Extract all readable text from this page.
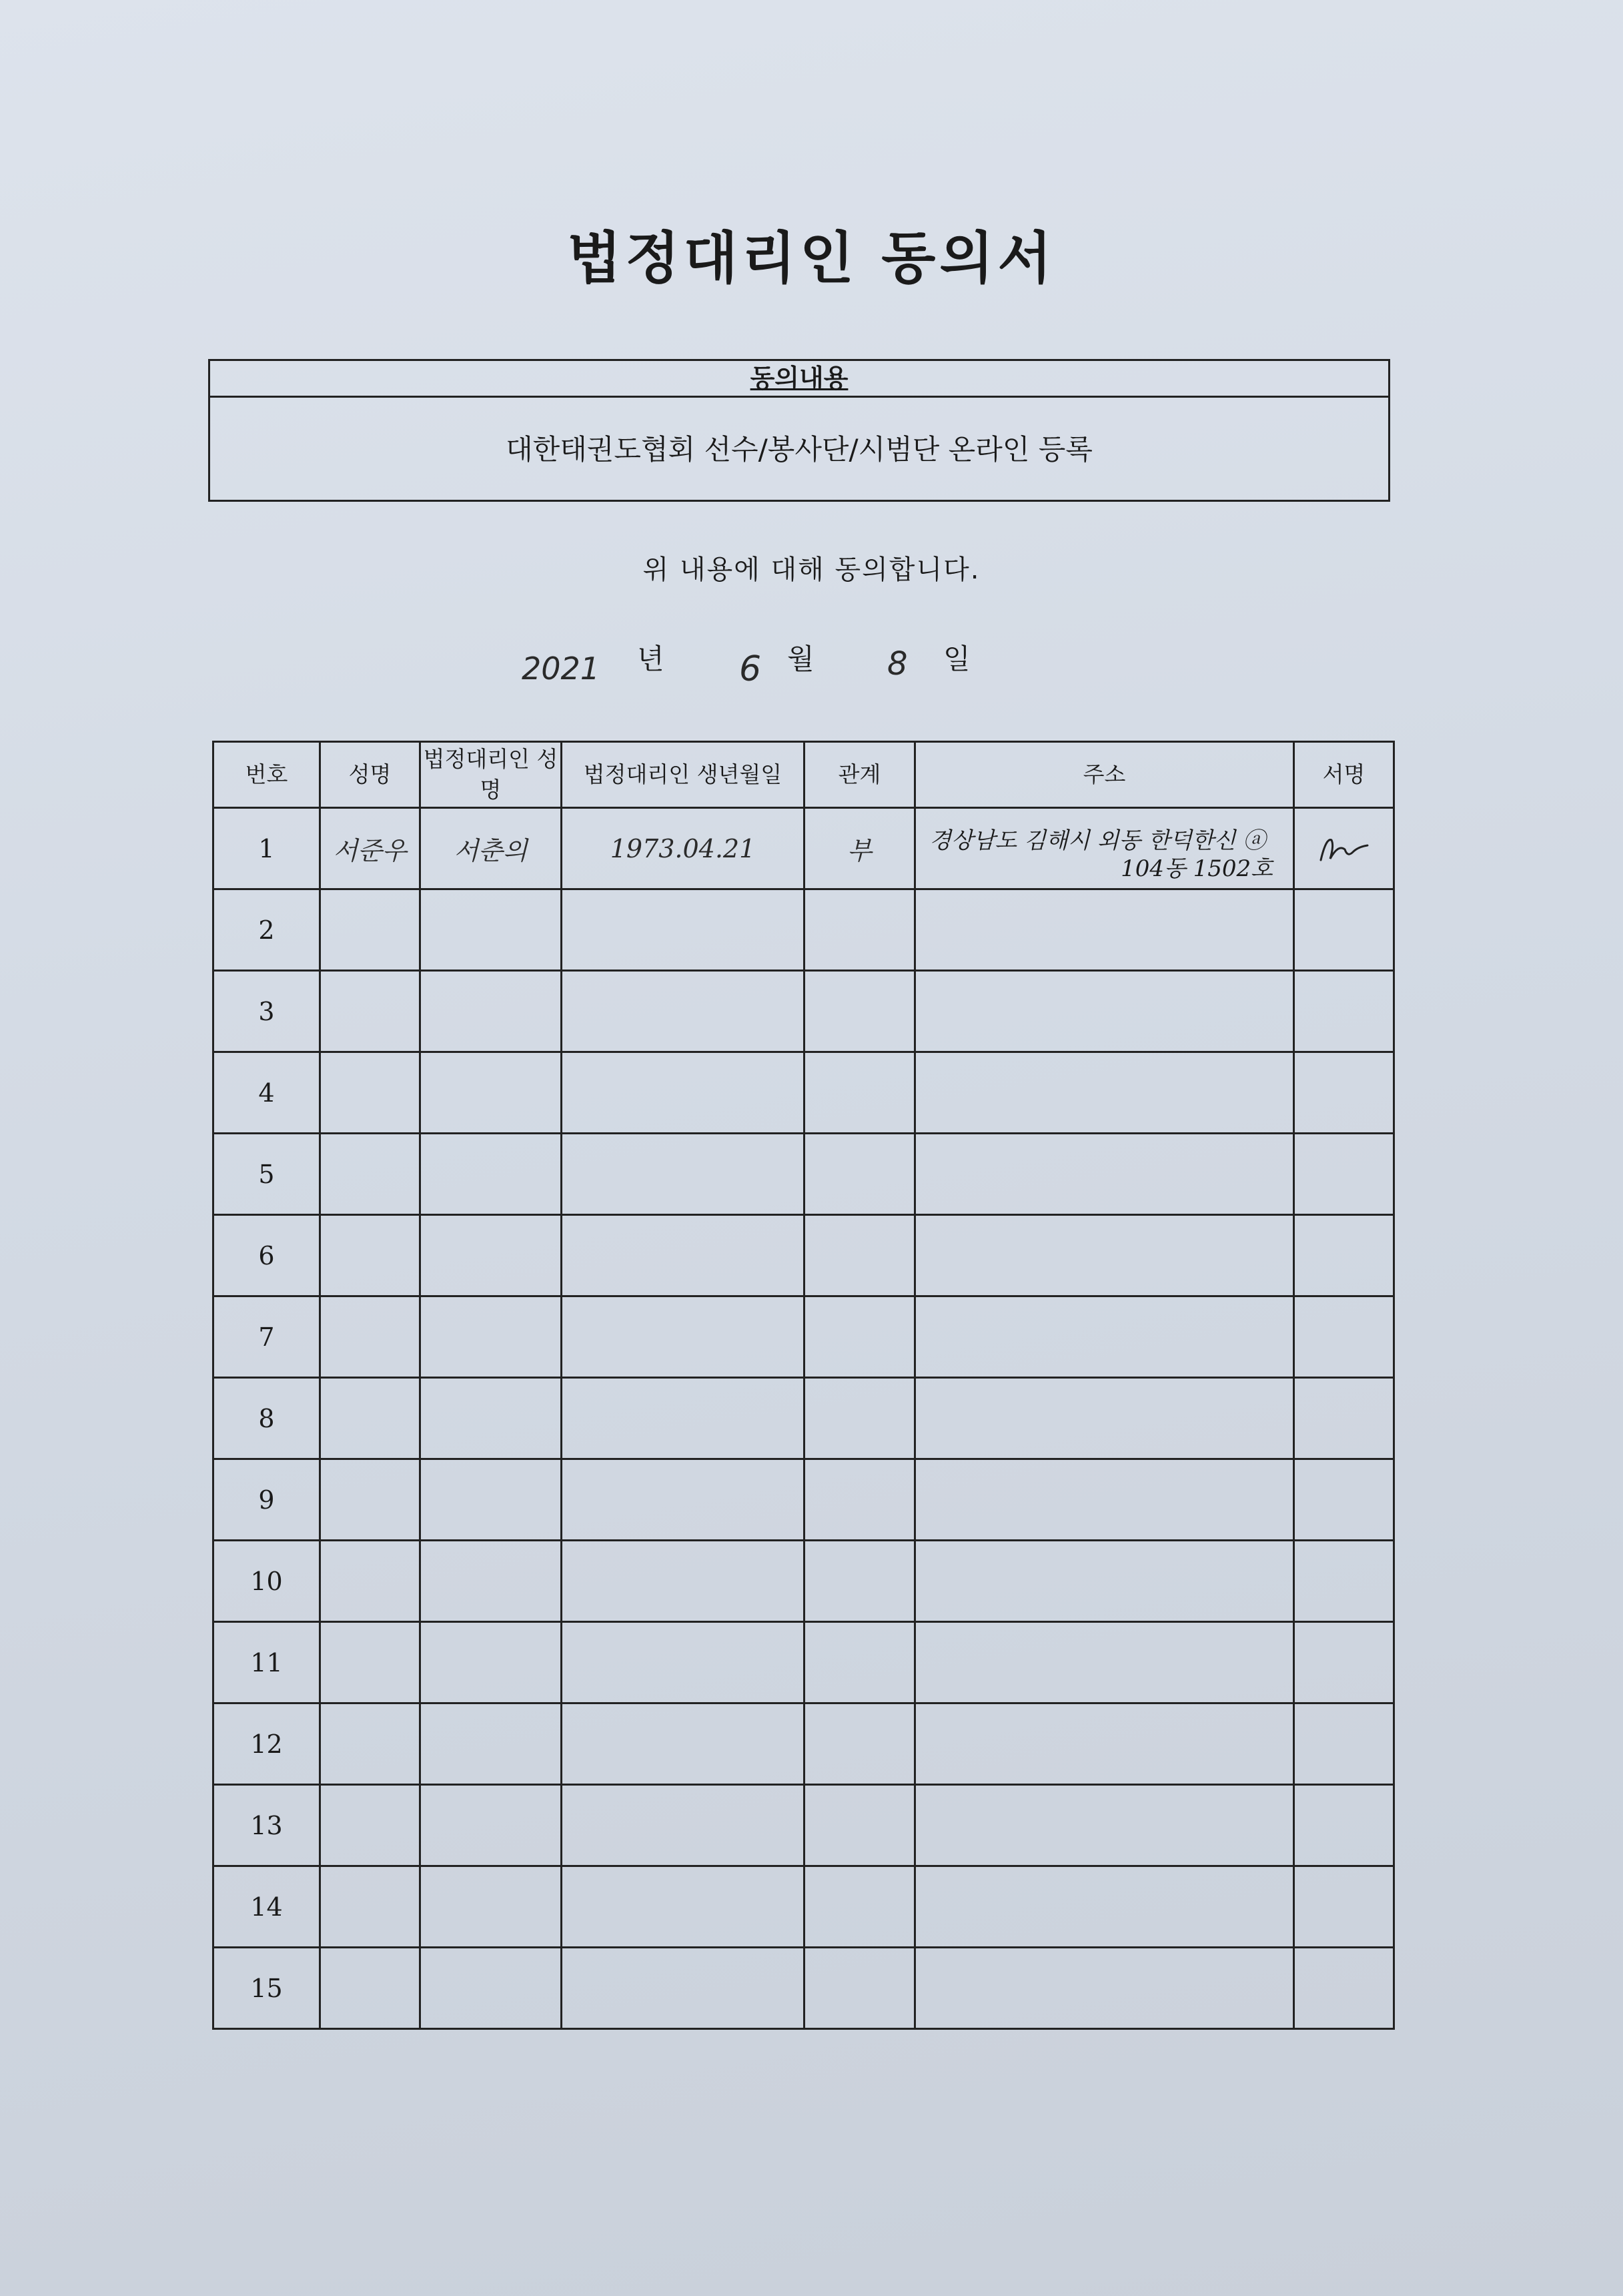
법정대리인 동의서
동의내용
대한태권도협회 선수/봉사단/시범단 온라인 등록
위 내용에 대해 동의합니다.
2021 년 6 월 8 일
번호	성명	법정대리인 성명	법정대리인 생년월일	관계	주소	서명
1	서준우	서춘의	1973.04.21	부	경상남도 김해시 외동 한덕한신 ⓐ
104동 1502호

2						
3						
4						
5						
6						
7						
8						
9						
10						
11						
12						
13						
14						
15						
